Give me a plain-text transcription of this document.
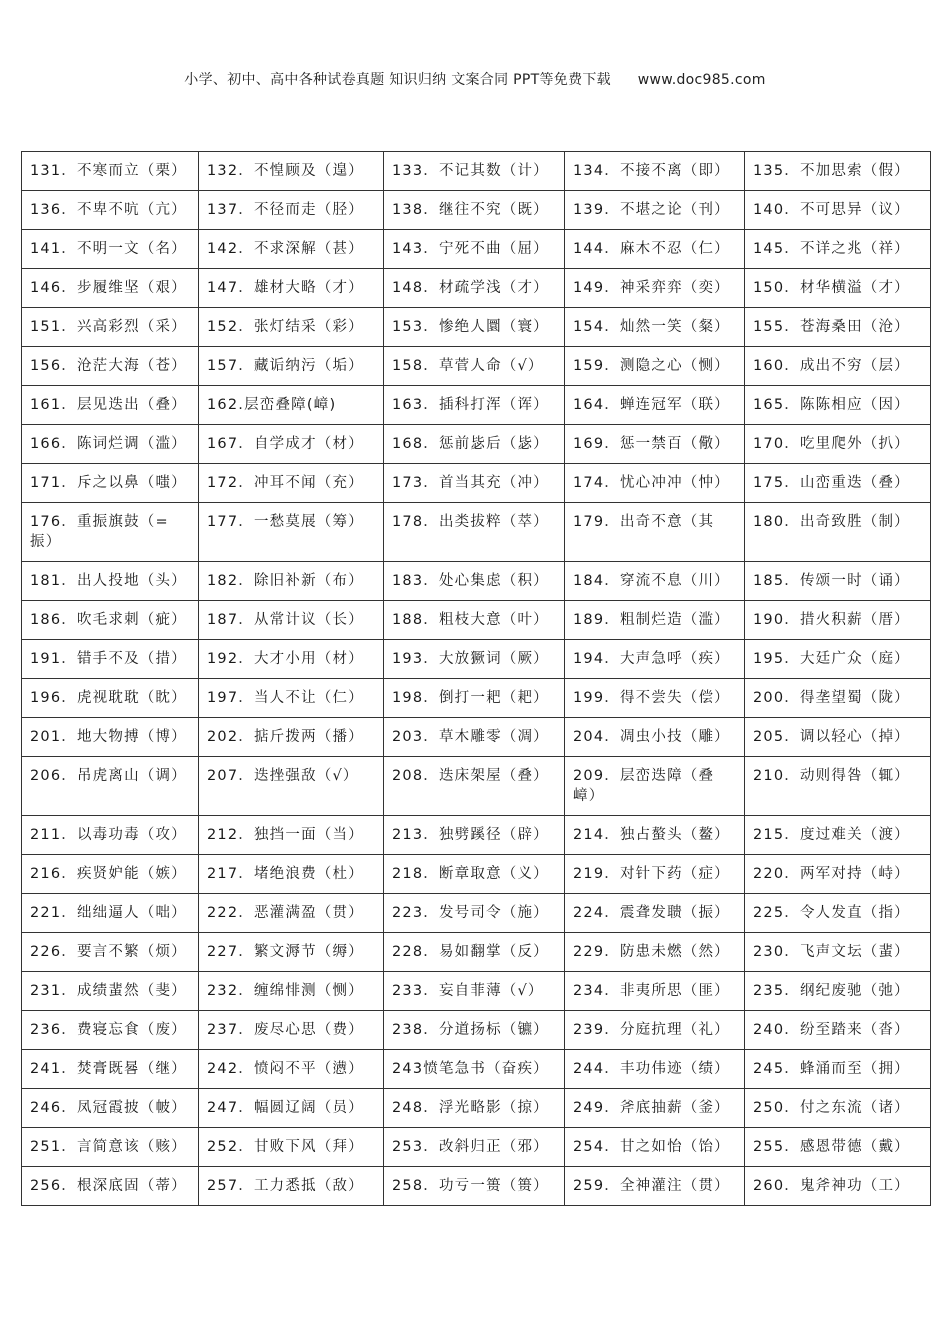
小学、初中、高中各种试卷真题 知识归纳 文案合同 PPT等免费下载 www.doc985.com
131．不寒而立（栗）	132．不惶顾及（遑）	133．不记其数（计）	134．不接不离（即）	135．不加思索（假）
136．不卑不吭（亢）	137．不径而走（胫）	138．继往不究（既）	139．不堪之论（刊）	140．不可思异（议）
141．不明一文（名）	142．不求深解（甚）	143．宁死不曲（屈）	144．麻木不忍（仁）	145．不详之兆（祥）
146．步履维坚（艰）	147．雄材大略（才）	148．材疏学浅（才）	149．神采弈弈（奕）	150．材华横溢（才）
151．兴高彩烈（采）	152．张灯结采（彩）	153．惨绝人圜（寰）	154．灿然一笑（粲）	155．苍海桑田（沧）
156．沧茫大海（苍）	157．藏诟纳污（垢）	158．草菅人命（√）	159．测隐之心（恻）	160．成出不穷（层）
161．层见迭出（叠）	162.层峦叠障(嶂)	163．插科打浑（诨）	164．蝉连冠军（联）	165．陈陈相应（因）
166．陈词烂调（滥）	167．自学成才（材）	168．惩前毖后（毖）	169．惩一禁百（儆）	170．吃里爬外（扒）
171．斥之以鼻（嗤）	172．冲耳不闻（充）	173．首当其充（冲）	174．忧心冲冲（忡）	175．山峦重迭（叠）
176．重振旗鼓（=振）	177．一愁莫展（筹）	178．出类拔粹（萃）	179．出奇不意（其	180．出奇致胜（制）
181．出人投地（头）	182．除旧补新（布）	183．处心集虑（积）	184．穿流不息（川）	185．传颂一时（诵）
186．吹毛求刺（疵）	187．从常计议（长）	188．粗枝大意（叶）	189．粗制烂造（滥）	190．措火积薪（厝）
191．错手不及（措）	192．大才小用（材）	193．大放獗词（厥）	194．大声急呼（疾）	195．大廷广众（庭）
196．虎视耽耽（眈）	197．当人不让（仁）	198．倒打一耙（耙）	199．得不尝失（偿）	200．得垄望蜀（陇）
201．地大物搏（博）	202．掂斤拨两（播）	203．草木雕零（凋）	204．凋虫小技（雕）	205．调以轻心（掉）
206．吊虎离山（调）	207．迭挫强敌（√）	208．迭床架屋（叠）	209．层峦迭障（叠嶂）	210．动则得咎（辄）
211．以毒功毒（攻）	212．独挡一面（当）	213．独劈蹊径（辟）	214．独占螯头（鳌）	215．度过难关（渡）
216．疾贤妒能（嫉）	217．堵绝浪费（杜）	218．断章取意（义）	219．对针下药（症）	220．两军对持（峙）
221．绌绌逼人（咄）	222．恶灌满盈（贯）	223．发号司令（施）	224．震聋发聩（振）	225．令人发直（指）
226．要言不繁（烦）	227．繁文溽节（缛）	228．易如翻掌（反）	229．防患未燃（然）	230．飞声文坛（蜚）
231．成绩蜚然（斐）	232．缠绵悱测（恻）	233．妄自菲薄（√）	234．非夷所思（匪）	235．纲纪废驰（弛）
236．费寝忘食（废）	237．废尽心思（费）	238．分道扬标（镳）	239．分庭抗理（礼）	240．纷至踏来（沓）
241．焚膏既晷（继）	242．愤闷不平（懑）	243愤笔急书（奋疾）	244．丰功伟迹（绩）	245．蜂涌而至（拥）
246．凤冠霞披（帔）	247．幅圆辽阔（员）	248．浮光略影（掠）	249．斧底抽薪（釜）	250．付之东流（诸）
251．言简意该（赅）	252．甘败下风（拜）	253．改斜归正（邪）	254．甘之如怡（饴）	255．感恩带德（戴）
256．根深底固（蒂）	257．工力悉抵（敌）	258．功亏一篑（篑）	259．全神灌注（贯）	260．鬼斧神功（工）
